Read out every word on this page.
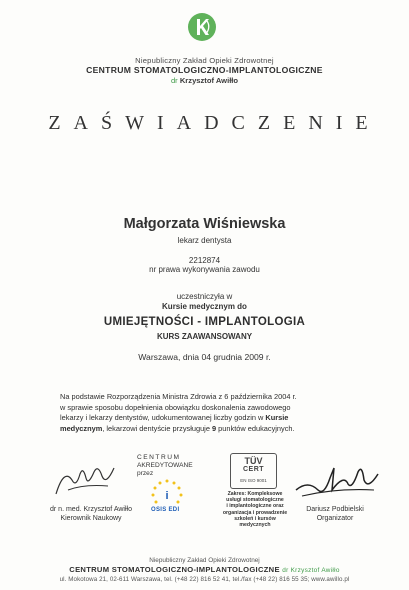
Niepubliczny Zakład Opieki Zdrowotnej
CENTRUM STOMATOLOGICZNO-IMPLANTOLOGICZNE
dr Krzysztof Awiłło
ZAŚWIADCZENIE
Małgorzata Wiśniewska
lekarz dentysta
2212874
nr prawa wykonywania zawodu
uczestniczyła w
Kursie medycznym do
UMIEJĘTNOŚCI - IMPLANTOLOGIA
KURS ZAAWANSOWANY
Warszawa, dnia 04 grudnia 2009 r.
Na podstawie Rozporządzenia Ministra Zdrowia z 6 października 2004 r.
w sprawie sposobu dopełnienia obowiązku doskonalenia zawodowego
lekarzy i lekarzy dentystów, udokumentowanej liczby godzin w Kursie
medycznym, lekarzowi dentyście przysługuje 9 punktów edukacyjnych.
dr n. med. Krzysztof Awiłło
Kierownik Naukowy
CENTRUM
AKREDYTOWANE
przez
i
OSIS EDI
TÜV
CERT
EN ISO 9001
Zakres: Kompleksowe
usługi stomatologiczne
i implantologiczne oraz
organizacja i prowadzenie
szkoleń i kursów
medycznych
Dariusz Podbielski
Organizator
Niepubliczny Zakład Opieki Zdrowotnej
CENTRUM STOMATOLOGICZNO-IMPLANTOLOGICZNE dr Krzysztof Awiłło
ul. Mokotowa 21, 02-611 Warszawa, tel. (+48 22) 816 52 41, tel./fax (+48 22) 816 55 35; www.awillo.pl
